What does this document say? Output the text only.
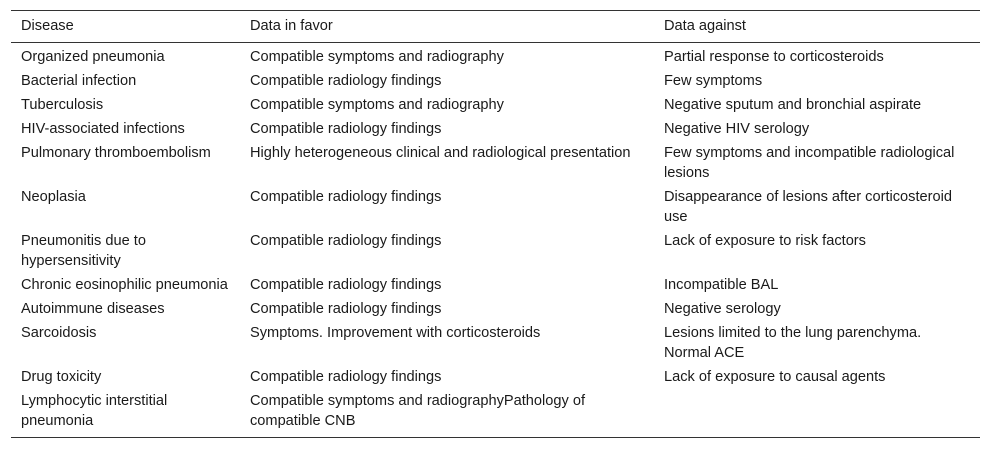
Disease	Data in favor	Data against
Organized pneumonia	Compatible symptoms and radiography	Partial response to corticosteroids
Bacterial infection	Compatible radiology findings	Few symptoms
Tuberculosis	Compatible symptoms and radiography	Negative sputum and bronchial aspirate
HIV-associated infections	Compatible radiology findings	Negative HIV serology
Pulmonary thromboembolism	Highly heterogeneous clinical and radiological presentation	Few symptoms and incompatible radiological lesions
Neoplasia	Compatible radiology findings	Disappearance of lesions after corticosteroid use
Pneumonitis due to hypersensitivity	Compatible radiology findings	Lack of exposure to risk factors
Chronic eosinophilic pneumonia	Compatible radiology findings	Incompatible BAL
Autoimmune diseases	Compatible radiology findings	Negative serology
Sarcoidosis	Symptoms. Improvement with corticosteroids	Lesions limited to the lung parenchyma. Normal ACE
Drug toxicity	Compatible radiology findings	Lack of exposure to causal agents
Lymphocytic interstitial pneumonia	Compatible symptoms and radiographyPathology of compatible CNB	
